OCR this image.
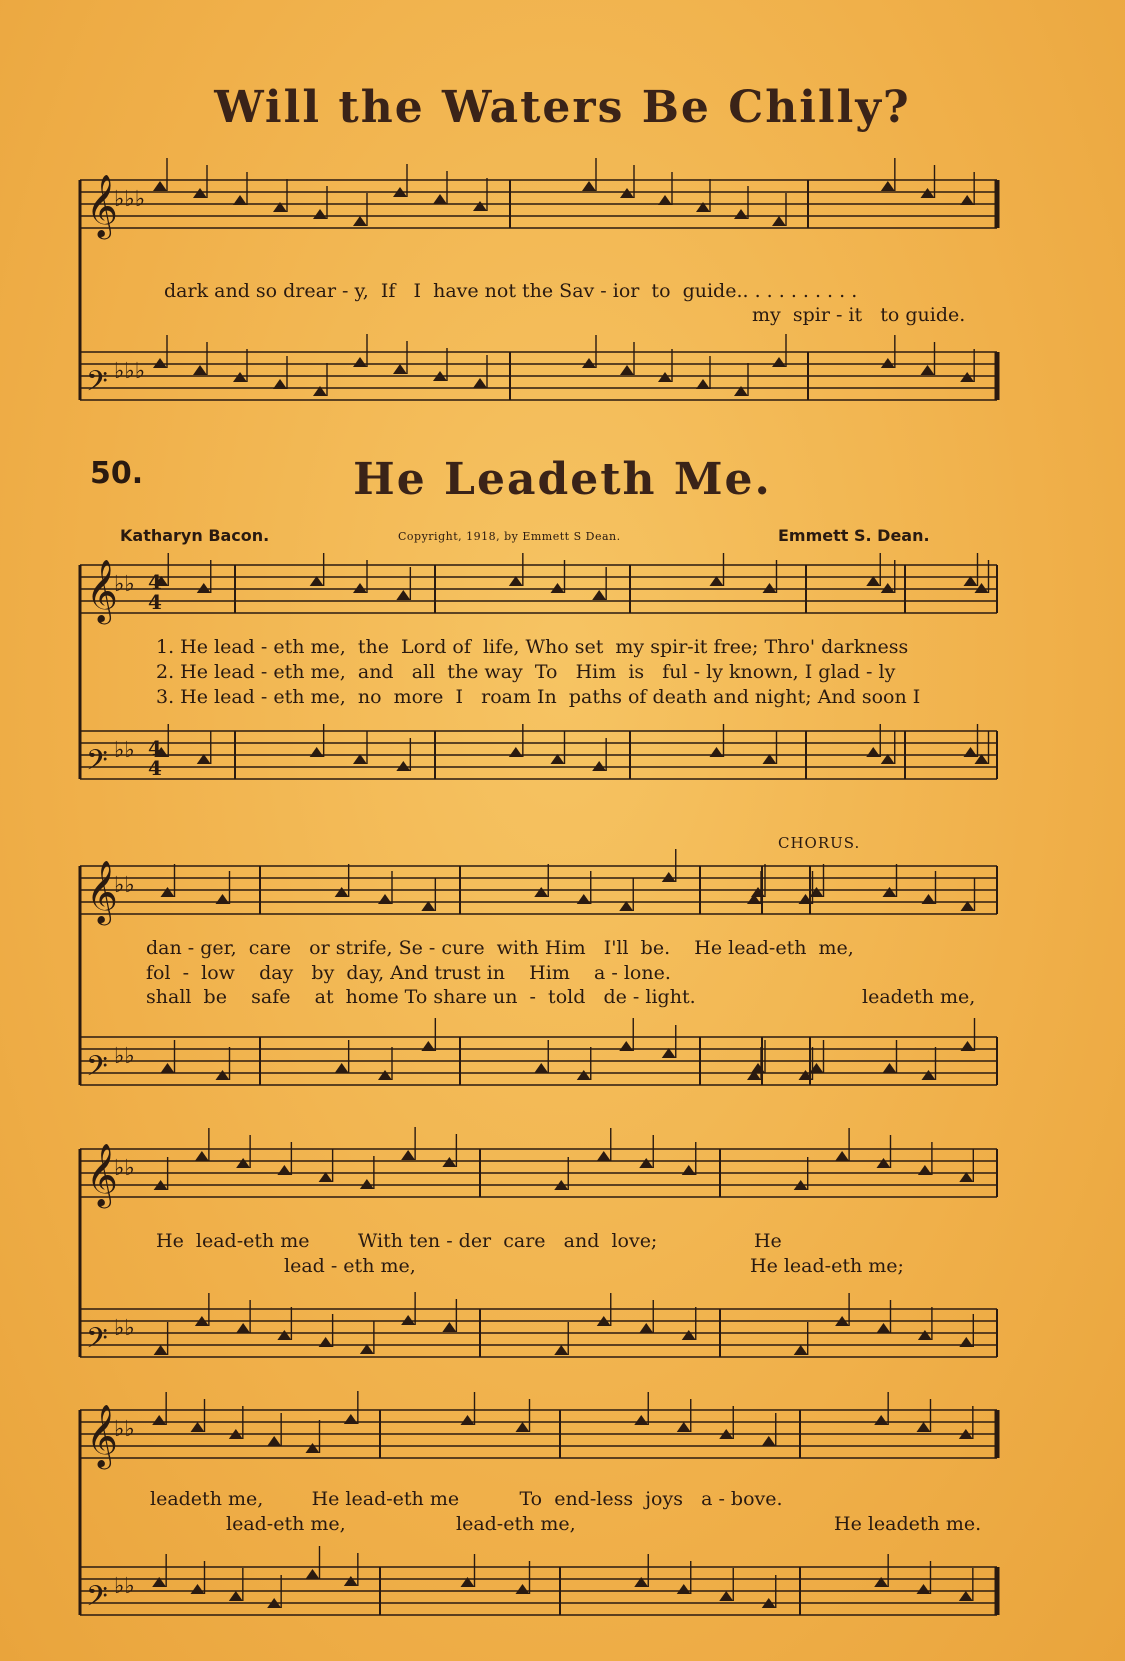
𝄞
♭♭♭
𝄢 ♭♭♭
𝄞
♭♭
𝄢 ♭♭
𝄞
♭♭
𝄢 ♭♭
𝄞
♭♭
𝄢 ♭♭
𝄞
♭♭
𝄢 ♭♭
4 4
4 4
Will the Waters Be Chilly?
dark and so drear - y,  If   I  have not the Sav - ior  to  guide.. . . . . . . . . .
my  spir - it   to guide.
50.	He Leadeth Me.
Katharyn Bacon.	Copyright, 1918, by Emmett S Dean.	Emmett S. Dean.
1. He lead - eth me,  the  Lord of  life, Who set  my spir-it free; Thro' darkness
2. He lead - eth me,  and   all  the way  To   Him  is   ful - ly known, I glad - ly
3. He lead - eth me,  no  more  I   roam In  paths of death and night; And soon I
CHORUS.
dan - ger,  care   or strife, Se - cure  with Him   I'll  be.    He lead-eth  me,
fol  -  low    day   by  day, And trust in    Him    a - lone.
shall  be    safe    at  home To share un  -  told   de - light.	leadeth me,
He  lead-eth me        With ten - der  care   and  love;                He
lead - eth me,	He lead-eth me;
leadeth me,        He lead-eth me          To  end-less  joys   a - bove.
lead-eth me,	lead-eth me,	He leadeth me.
